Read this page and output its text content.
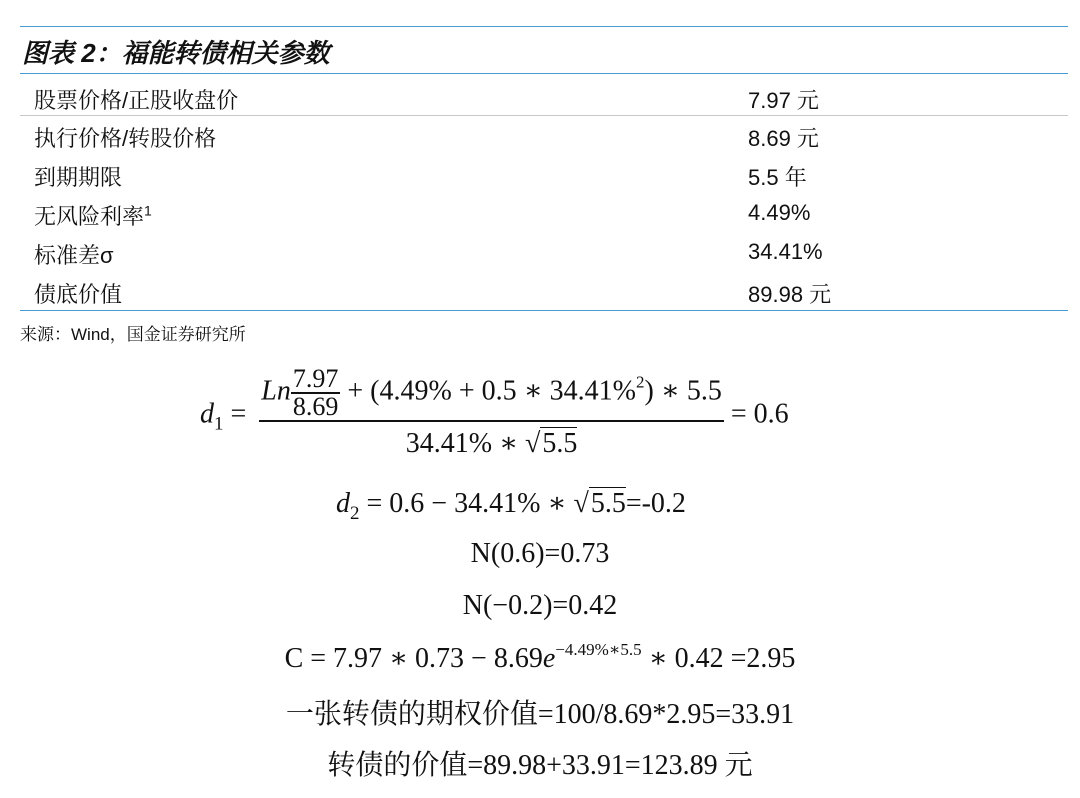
图表 2：福能转债相关参数
股票价格/正股收盘价	7.97 元
执行价格/转股价格	8.69 元
到期期限	5.5 年
无风险利率$^1$	4.49%
标准差σ	34.41%
债底价值	89.98 元
来源：Wind，国金证券研究所
$d_1 = \frac{Ln \frac{7.97}{8.69} + (4.49\% + 0.5 ∗ 34.41\%^2) ∗ 5.5}{34.41\% ∗ √5.5} = 0.6$
$d_2 = 0.6 - 34.41\%$ ∗ √5.5=-0.2
N(0.6)=0.73
N(−0.2)=0.42
C = 7.97 ∗ $0.73 - 8.69e^{-4.49\%∗5.5}$ ∗ 0.42 =2.95
一张转债的期权价值=100/8.69*2.95=33.91
转债的价值=89.98+33.91=123.89 元
